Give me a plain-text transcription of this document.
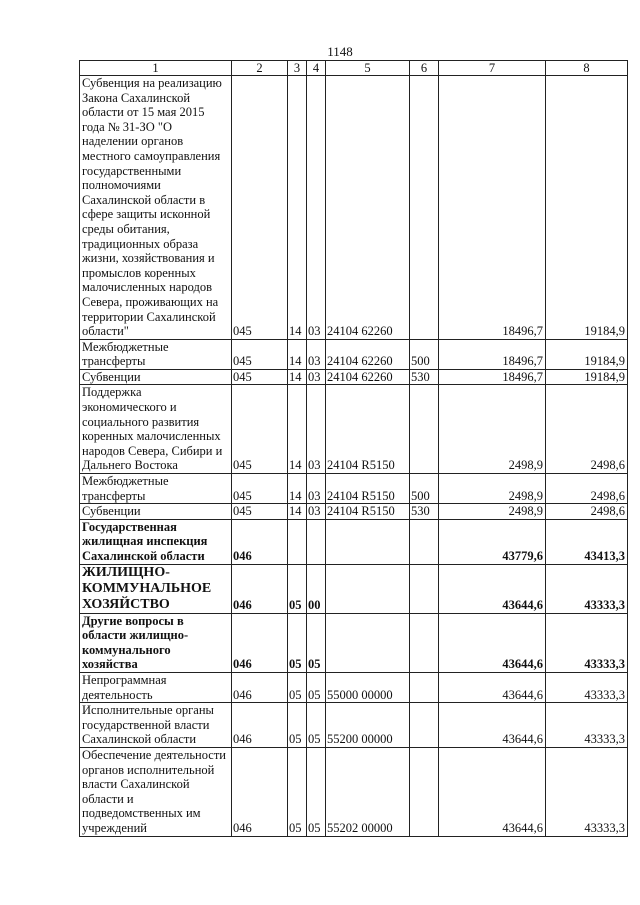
1148
1	2	3	4	5	6	7	8
Субвенция на реализацию Закона Сахалинской области от 15 мая 2015 года № 31-ЗО "О наделении органов местного самоуправления государственными полномочиями Сахалинской области в сфере защиты исконной среды обитания, традиционных образа жизни, хозяйствования и промыслов коренных малочисленных народов Севера, проживающих на территории Сахалинской области"	045	14	03	24104 62260		18496,7	19184,9
Межбюджетные трансферты	045	14	03	24104 62260	500	18496,7	19184,9
Субвенции	045	14	03	24104 62260	530	18496,7	19184,9
Поддержка экономического и социального развития коренных малочисленных народов Севера, Сибири и Дальнего Востока	045	14	03	24104 R5150		2498,9	2498,6
Межбюджетные трансферты	045	14	03	24104 R5150	500	2498,9	2498,6
Субвенции	045	14	03	24104 R5150	530	2498,9	2498,6
Государственная жилищная инспекция Сахалинской области	046					43779,6	43413,3
ЖИЛИЩНО-КОММУНАЛЬНОЕ ХОЗЯЙСТВО	046	05	00			43644,6	43333,3
Другие вопросы в области жилищно-коммунального хозяйства	046	05	05			43644,6	43333,3
Непрограммная деятельность	046	05	05	55000 00000		43644,6	43333,3
Исполнительные органы государственной власти Сахалинской области	046	05	05	55200 00000		43644,6	43333,3
Обеспечение деятельности органов исполнительной власти Сахалинской области и подведомственных им учреждений	046	05	05	55202 00000		43644,6	43333,3
